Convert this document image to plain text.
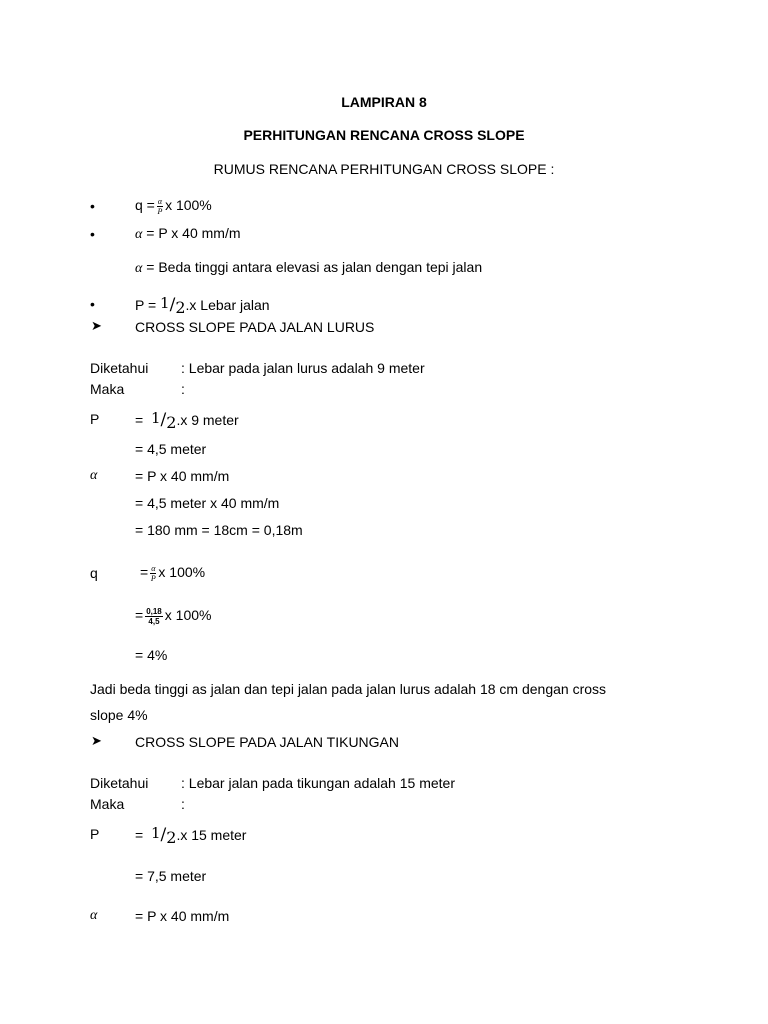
LAMPIRAN 8
PERHITUNGAN RENCANA CROSS SLOPE
RUMUS RENCANA PERHITUNGAN CROSS SLOPE :
•	$q = \frac{\alpha}{P}$ x 100%
•	α = P x 40 mm/m
α = Beda tinggi antara elevasi as jalan dengan tepi jalan
•	$P = ^1/_2.x$ Lebar jalan
➤ CROSS SLOPE PADA JALAN LURUS
Diketahui : Lebar pada jalan lurus adalah 9 meter
Maka	:
P	= $^1/_2.x$ 9 meter
= 4,5 meter
α	= P x 40 mm/m
= 4,5 meter x 40 mm/m
= 180 mm = 18cm = 0,18m
q	= $\frac{\alpha}{P}$ x 100%
= $\frac{0,18}{4,5}$ x 100%
= 4%
Jadi beda tinggi as jalan dan tepi jalan pada jalan lurus adalah 18 cm dengan cross
slope 4%
➤ CROSS SLOPE PADA JALAN TIKUNGAN
Diketahui : Lebar jalan pada tikungan adalah 15 meter
Maka	:
P	= $^1/_2.x$ 15 meter
= 7,5 meter
α	= P x 40 mm/m
